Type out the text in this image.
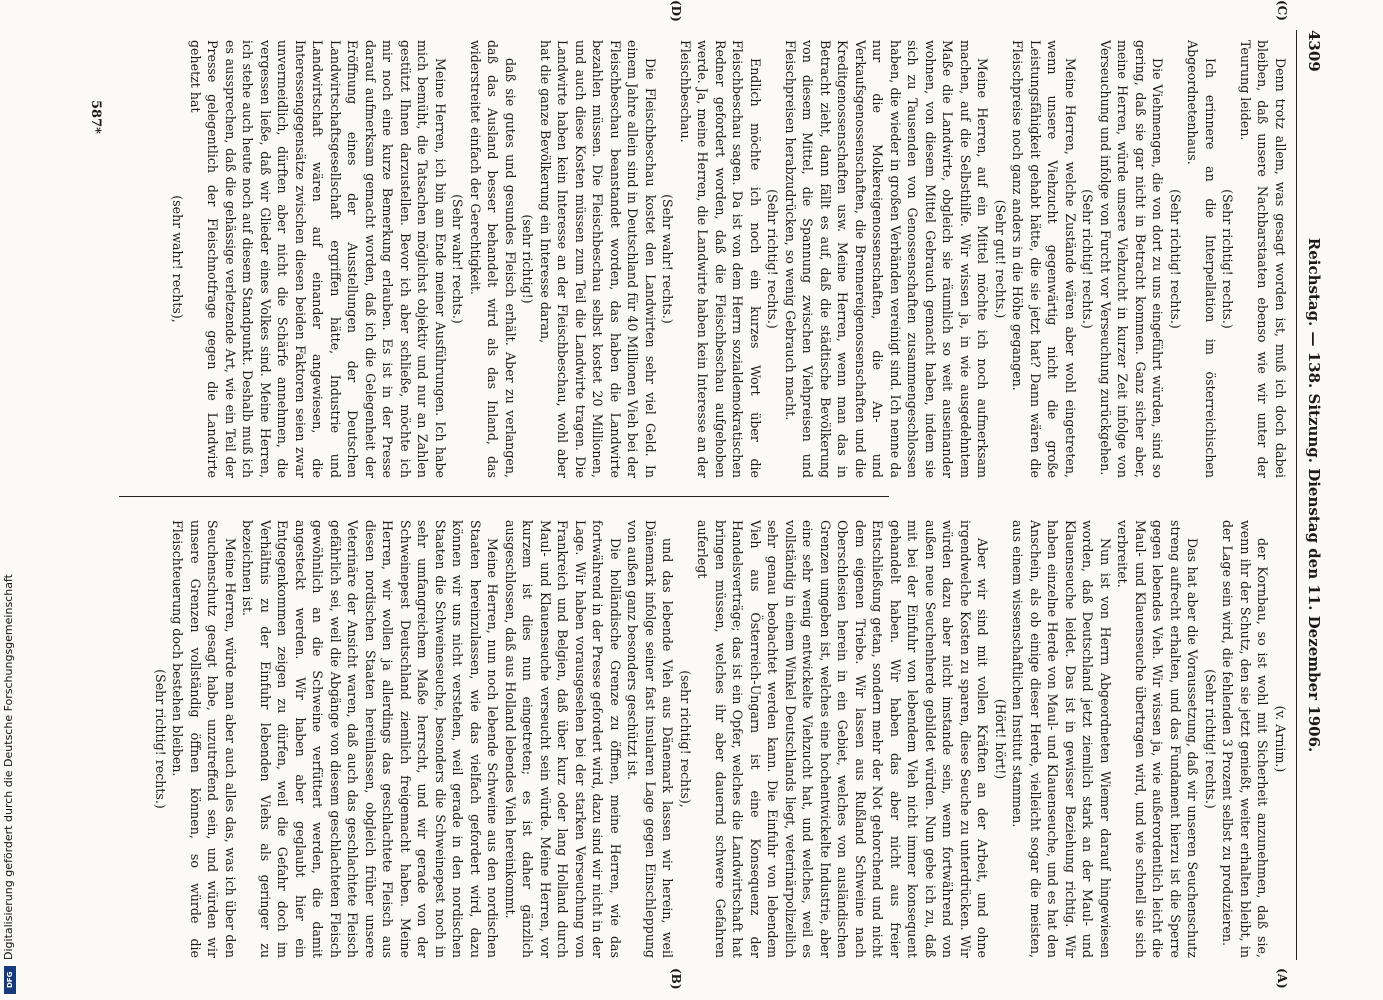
4309
Reichstag. — 138. Sitzung. Dienstag den 11. Dezember 1906.

Denn trotz allem, was gesagt worden ist, muß ich doch dabei bleiben, daß unsere Nachbarstaaten ebenso wie wir unter der Teurung leiden.

(Sehr richtig! rechts.)

Ich erinnere an die Interpellation im österreichischen Abgeordnetenhaus.

(Sehr richtig! rechts.)

Die Viehmengen, die von dort zu uns eingeführt würden, sind so gering, daß sie gar nicht in Betracht kommen. Ganz sicher aber, meine Herren, würde unsere Viehzucht in kurzer Zeit infolge von Verseuchung und infolge von Furcht vor Verseuchung zurückgehen.

(Sehr richtig! rechts.)

Meine Herren, welche Zustände wären aber wohl eingetreten, wenn unsere Viehzucht gegenwärtig nicht die große Leistungsfähigkeit gehabt hätte, die sie jetzt hat? Dann wären die Fleischpreise noch ganz anders in die Höhe gegangen.

(Sehr gut! rechts.)

Meine Herren, auf ein Mittel möchte ich noch aufmerksam machen, auf die Selbsthilfe. Wir wissen ja, in wie ausgedehntem Maße die Landwirte, obgleich sie räumlich so weit auseinander wohnen, von diesem Mittel Gebrauch gemacht haben, indem sie sich zu Tausenden von Genossenschaften zusammengeschlossen haben, die wieder in großen Verbänden vereinigt sind. Ich nenne da nur die Molkereigenossenschaften, die An- und Verkaufsgenossenschaften, die Brennereigenossenschaften und die Kreditgenossenschaften usw. Meine Herren, wenn man das in Betracht zieht, dann fällt es auf, daß die städtische Bevölkerung von diesem Mittel, die Spannung zwischen Viehpreisen und Fleischpreisen herabzudrücken, so wenig Gebrauch macht.

(Sehr richtig! rechts.)

Endlich möchte ich noch ein kurzes Wort über die Fleischbeschau sagen. Da ist von dem Herrn sozialdemokratischen Redner gefordert worden, daß die Fleischbeschau aufgehoben werde. Ja, meine Herren, die Landwirte haben kein Interesse an der Fleischbeschau.

(Sehr wahr! rechts.)

Die Fleischbeschau kostet den Landwirten sehr viel Geld. In einem Jahre allein sind in Deutschland für 40 Millionen Vieh bei der Fleischbeschau beanstandet worden, das haben die Landwirte bezahlen müssen. Die Fleischbeschau selbst kostet 20 Millionen, und auch diese Kosten müssen zum Teil die Landwirte tragen. Die Landwirte haben kein Interesse an der Fleischbeschau, wohl aber hat die ganze Bevölkerung ein Interesse daran,

(sehr richtig!)

daß sie gutes und gesundes Fleisch erhält. Aber zu verlangen, daß das Ausland besser behandelt wird als das Inland, das widerstreitet einfach der Gerechtigkeit.

(Sehr wahr! rechts.)

Meine Herren, ich bin am Ende meiner Ausführungen. Ich habe mich bemüht, die Tatsachen möglichst objektiv und nur an Zahlen gestützt Ihnen darzustellen. Bevor ich aber schließe, möchte ich mir noch eine kurze Bemerkung erlauben. Es ist in der Presse darauf aufmerksam gemacht worden, daß ich die Gelegenheit der Eröffnung eines der Ausstellungen der Deutschen Landwirtschaftsgesellschaft ergriffen hätte, Industrie und Landwirtschaft wären auf einander angewiesen, die Interessengegensätze zwischen diesen beiden Faktoren seien zwar unvermeidlich, dürften aber nicht die Schärfe annehmen, die vergessen ließe, daß wir Glieder eines Volkes sind. Meine Herren, ich stehe auch heute noch auf diesem Standpunkt. Deshalb muß ich es aussprechen, daß die gehässige verletzende Art, wie ein Teil der Presse gelegentlich der Fleischnotfrage gegen die Landwirte gehetzt hat

(sehr wahr! rechts),

(v. Arnim.)

der Kornbau, so ist wohl mit Sicherheit anzunehmen, daß sie, wenn ihr der Schutz, den sie jetzt genießt, weiter erhalten bleibt, in der Lage sein wird, die fehlenden 3 Prozent selbst zu produzieren.

(Sehr richtig! rechts.)

Das hat aber die Voraussetzung, daß wir unseren Seuchenschutz streng aufrecht erhalten, und das Fundament hierzu ist die Sperre gegen lebendes Vieh. Wir wissen ja, wie außerordentlich leicht die Maul- und Klauenseuche übertragen wird, und wie schnell sie sich verbreitet.

Nun ist von Herrn Abgeordneten Wiemer darauf hingewiesen worden, daß Deutschland jetzt ziemlich stark an der Maul- und Klauenseuche leidet. Das ist in gewisser Beziehung richtig. Wir haben einzelne Herde von Maul- und Klauenseuche, und es hat den Anschein, als ob einige dieser Herde, vielleicht sogar die meisten, aus einem wissenschaftlichen Institut stammen.

(Hört! hört!)

Aber wir sind mit vollen Kräften an der Arbeit, und ohne irgendwelche Kosten zu sparen, diese Seuche zu unterdrücken. Wir würden dazu aber nicht imstande sein, wenn fortwährend von außen neue Seuchenherde gebildet würden. Nun gebe ich zu, daß mit bei der Einfuhr von lebendem Vieh nicht immer konsequent gehandelt haben. Wir haben das aber nicht aus freier Entschließung getan, sondern mehr der Not gehorchend und nicht dem eigenen Triebe. Wir lassen aus Rußland Schweine nach Oberschlesien herein in ein Gebiet, welches von ausländischen Grenzen umgeben ist, welches eine hochentwickelte Industrie, aber eine sehr wenig entwickelte Viehzucht hat, und welches, weil es vollständig in einem Winkel Deutschlands liegt, veterinärpolizeilich sehr genau beobachtet werden kann. Die Einfuhr von lebendem Vieh aus Österreich-Ungarn ist eine Konsequenz der Handelsverträge; das ist ein Opfer, welches die Landwirtschaft hat bringen müssen, welches ihr aber dauernd schwere Gefahren auferlegt

(sehr richtig! rechts),

und das lebende Vieh aus Dänemark lassen wir herein, weil Dänemark infolge seiner fast insularen Lage gegen Einschleppung von außen ganz besonders geschützt ist.

Die holländische Grenze zu öffnen, meine Herren, wie das fortwährend in der Presse gefordert wird, dazu sind wir nicht in der Lage. Wir haben vorausgesehen bei der starken Verseuchung von Frankreich und Belgien, daß über kurz oder lang Holland durch Maul- und Klauenseuche verseucht sein würde. Meine Herren, vor kurzem ist dies nun eingetreten; es ist daher gänzlich ausgeschlossen, daß aus Holland lebendes Vieh hereinkommt.

Meine Herren, nun noch lebende Schweine aus den nordischen Staaten hereinzulassen, wie das vielfach gefordert wird, dazu können wir uns nicht verstehen, weil gerade in den nordischen Staaten die Schweineseuche, besonders die Schweinepest noch in sehr umfangreichem Maße herrscht, und wir gerade von der Schweinepest Deutschland ziemlich freigemacht haben. Meine Herren, wir wollen ja allerdings das geschlachtete Fleisch aus diesen nordischen Staaten hereinlassen, obgleich früher unsere Veterinäre der Ansicht waren, daß auch das geschlachtete Fleisch gefährlich sei, weil die Abgänge von diesem geschlachteten Fleisch gewöhnlich an die Schweine verfüttert werden, die damit angesteckt werden. Wir haben aber geglaubt hier ein Entgegenkommen zeigen zu dürfen, weil die Gefahr doch im Verhältnis zu der Einfuhr lebenden Viehs als geringer zu bezeichnen ist.

Meine Herren, würde man aber auch alles das, was ich über den Seuchenschutz gesagt habe, unzutreffend sein, und würden wir unsere Grenzen vollständig öffnen können, so würde die Fleischteuerung doch bestehen bleiben.

(Sehr richtig! rechts.)

(C)
(D)
(A)
(B)
587*
Digitalisierung gefördert durch die Deutsche Forschungsgemeinschaft
DFG
